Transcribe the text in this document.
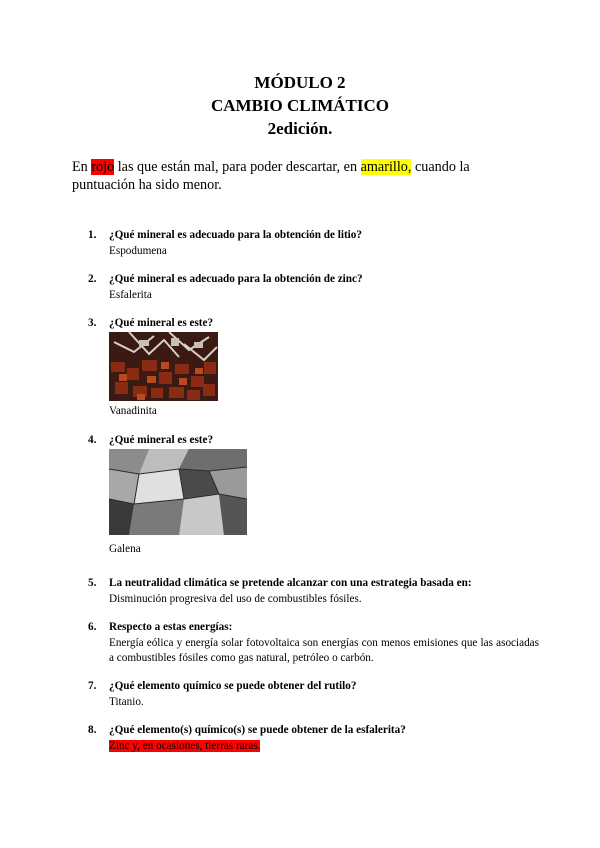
MÓDULO 2
CAMBIO CLIMÁTICO
2edición.
En rojo las que están mal, para poder descartar, en amarillo, cuando la puntuación ha sido menor.
1. ¿Qué mineral es adecuado para la obtención de litio?
Espodumena
2. ¿Qué mineral es adecuado para la obtención de zinc?
Esfalerita
3. ¿Qué mineral es este?
Vanadinita
4. ¿Qué mineral es este?
Galena
5. La neutralidad climática se pretende alcanzar con una estrategia basada en:
Disminución progresiva del uso de combustibles fósiles.
6. Respecto a estas energías:
Energía eólica y energía solar fotovoltaica son energías con menos emisiones que las asociadas a combustibles fósiles como gas natural, petróleo o carbón.
7. ¿Qué elemento químico se puede obtener del rutilo?
Titanio.
8. ¿Qué elemento(s) químico(s) se puede obtener de la esfalerita?
Zinc y, en ocasiones, tierras raras.
